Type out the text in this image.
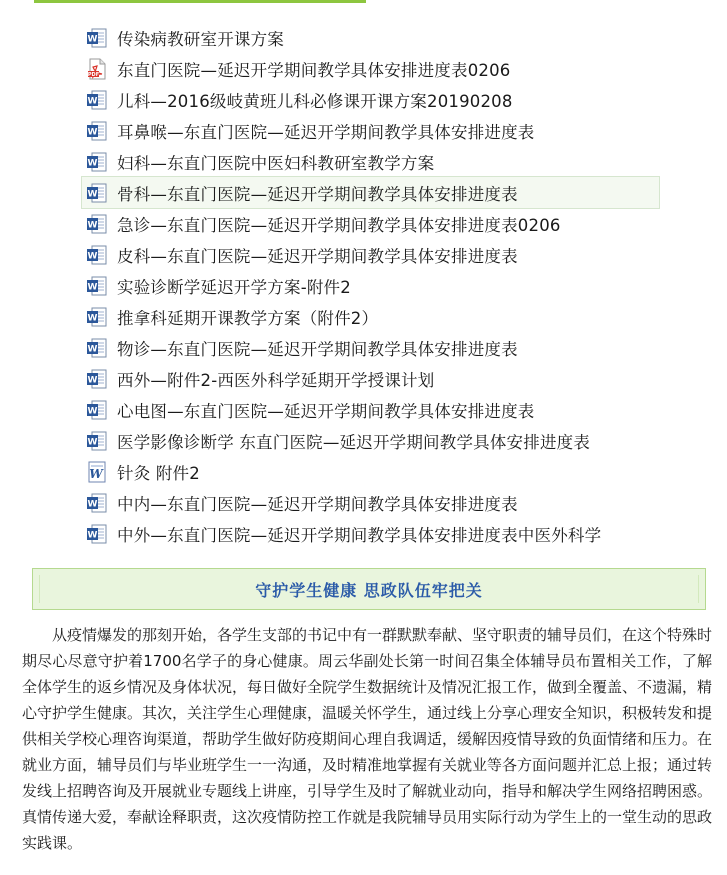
W 传染病教研室开课方案
PDF 东直门医院—延迟开学期间教学具体安排进度表0206
W 儿科—2016级岐黄班儿科必修课开课方案20190208
W 耳鼻喉—东直门医院—延迟开学期间教学具体安排进度表
W 妇科—东直门医院中医妇科教研室教学方案
W 骨科—东直门医院—延迟开学期间教学具体安排进度表
W 急诊—东直门医院—延迟开学期间教学具体安排进度表0206
W 皮科—东直门医院—延迟开学期间教学具体安排进度表
W 实验诊断学延迟开学方案-附件2
W 推拿科延期开课教学方案（附件2）
W 物诊—东直门医院—延迟开学期间教学具体安排进度表
W 西外—附件2-西医外科学延期开学授课计划
W 心电图—东直门医院—延迟开学期间教学具体安排进度表
W 医学影像诊断学 东直门医院—延迟开学期间教学具体安排进度表
W 针灸 附件2
W 中内—东直门医院—延迟开学期间教学具体安排进度表
W 中外—东直门医院—延迟开学期间教学具体安排进度表中医外科学
守护学生健康 思政队伍牢把关

从疫情爆发的那刻开始，各学生支部的书记中有一群默默奉献、坚守职责的辅导员们，在这个特殊时期尽心尽意守护着1700名学子的身心健康。周云华副处长第一时间召集全体辅导员布置相关工作，了解全体学生的返乡情况及身体状况，每日做好全院学生数据统计及情况汇报工作，做到全覆盖、不遗漏，精心守护学生健康。其次，关注学生心理健康，温暖关怀学生，通过线上分享心理安全知识，积极转发和提供相关学校心理咨询渠道，帮助学生做好防疫期间心理自我调适，缓解因疫情导致的负面情绪和压力。在就业方面，辅导员们与毕业班学生一一沟通，及时精准地掌握有关就业等各方面问题并汇总上报；通过转发线上招聘咨询及开展就业专题线上讲座，引导学生及时了解就业动向，指导和解决学生网络招聘困惑。真情传递大爱，奉献诠释职责，这次疫情防控工作就是我院辅导员用实际行动为学生上的一堂生动的思政实践课。
